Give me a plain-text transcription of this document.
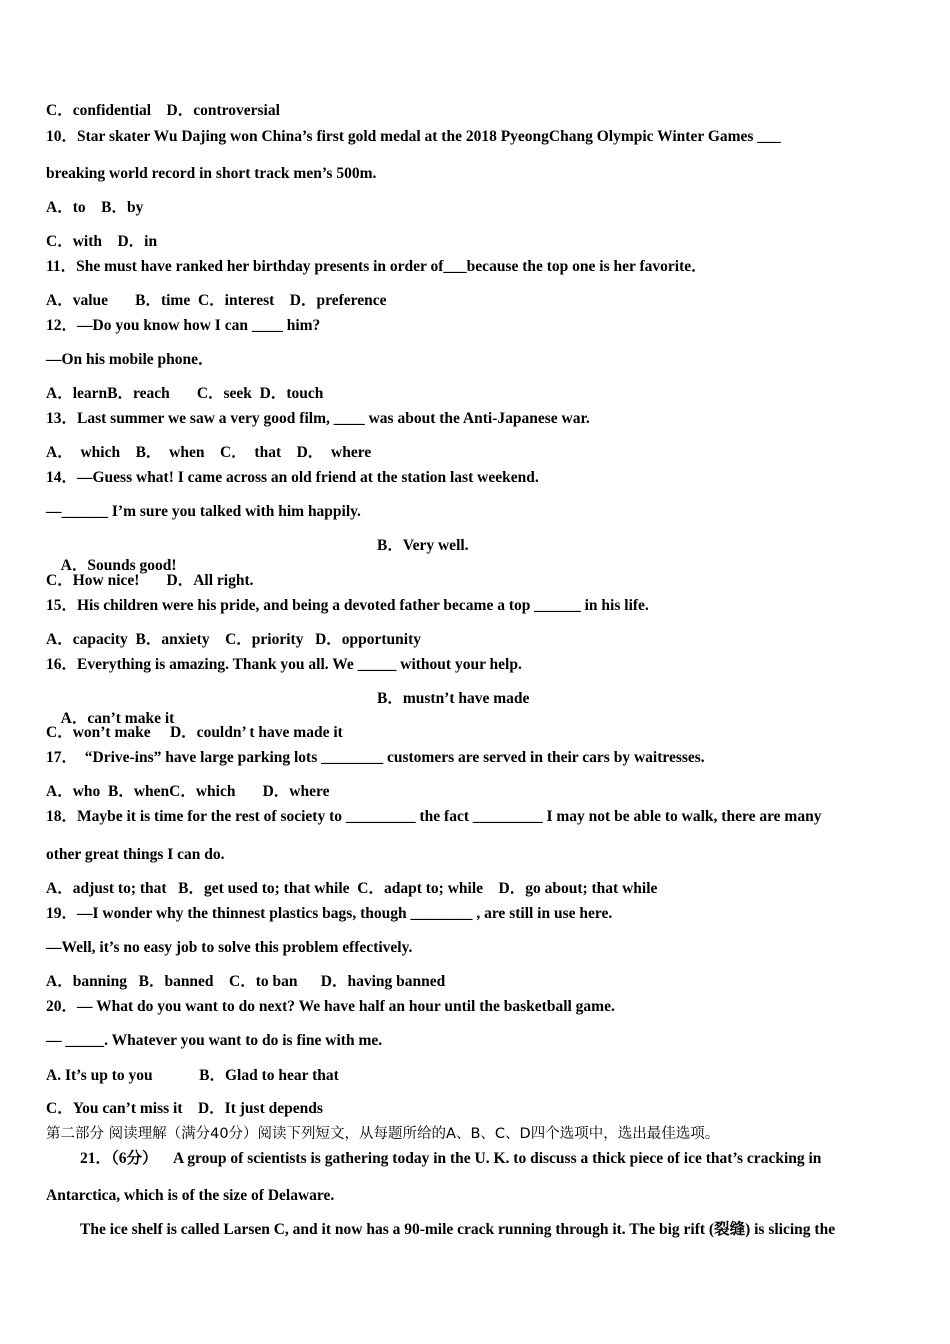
C．confidential    D．controversial
10．Star skater Wu Dajing won China’s first gold medal at the 2018 PyeongChang Olympic Winter Games ___
breaking world record in short track men’s 500m.
A．to    B．by
C．with    D．in
11．She must have ranked her birthday presents in order of___because the top one is her favorite．
A．value       B．time  C．interest    D．preference
12．—Do you know how I can ____ him?
—On his mobile phone．
A．learnB．reach       C．seek  D．touch
13．Last summer we saw a very good film, ____ was about the Anti-Japanese war.
A．  which    B．  when    C．  that    D．  where
14．—Guess what! I came across an old friend at the station last weekend.
—______ I’m sure you talked with him happily.

A．Sounds good!

B．Very well.

C．How nice!       D．All right.
15．His children were his pride, and being a devoted father became a top ______ in his life.
A．capacity  B．anxiety    C．priority   D．opportunity
16．Everything is amazing. Thank you all. We _____ without your help.

A．can’t make it

B．mustn’t have made

C．won’t make     D．couldn’ t have made it
17．  “Drive-ins” have large parking lots ________ customers are served in their cars by waitresses.
A．who  B．whenC．which       D．where
18．Maybe it is time for the rest of society to _________ the fact _________ I may not be able to walk, there are many
other great things I can do.
A．adjust to; that   B．get used to; that while  C．adapt to; while    D．go about; that while
19．—I wonder why the thinnest plastics bags, though ________ , are still in use here.
—Well, it’s no easy job to solve this problem effectively.
A．banning   B．banned    C．to ban      D．having banned
20．— What do you want to do next? We have half an hour until the basketball game.
— _____. Whatever you want to do is fine with me.
A. It’s up to you            B．Glad to hear that
C．You can’t miss it    D．It just depends
第二部分 阅读理解（满分40分）阅读下列短文，从每题所给的A、B、C、D四个选项中，选出最佳选项。
21．（6分）    A group of scientists is gathering today in the U. K. to discuss a thick piece of ice that’s cracking in
Antarctica, which is of the size of Delaware.
The ice shelf is called Larsen C, and it now has a 90-mile crack running through it. The big rift (裂缝) is slicing the
